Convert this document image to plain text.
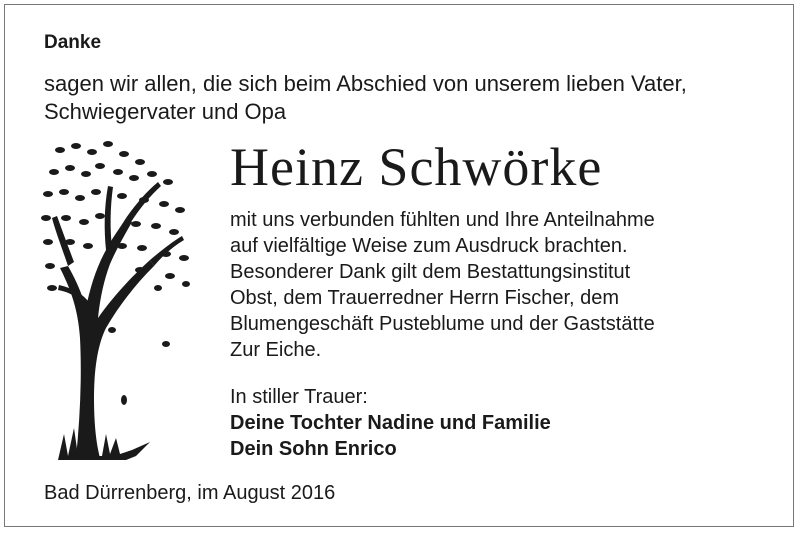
Danke
sagen wir allen, die sich beim Abschied von unserem lieben Vater,
Schwiegervater und Opa
Heinz Schwörke
mit uns verbunden fühlten und Ihre Anteilnahme
auf vielfältige Weise zum Ausdruck brachten.
Besonderer Dank gilt dem Bestattungsinstitut
Obst, dem Trauerredner Herrn Fischer, dem
Blumengeschäft Pusteblume und der Gaststätte
Zur Eiche.
In stiller Trauer:
Deine Tochter Nadine und Familie
Dein Sohn Enrico
Bad Dürrenberg, im August 2016
